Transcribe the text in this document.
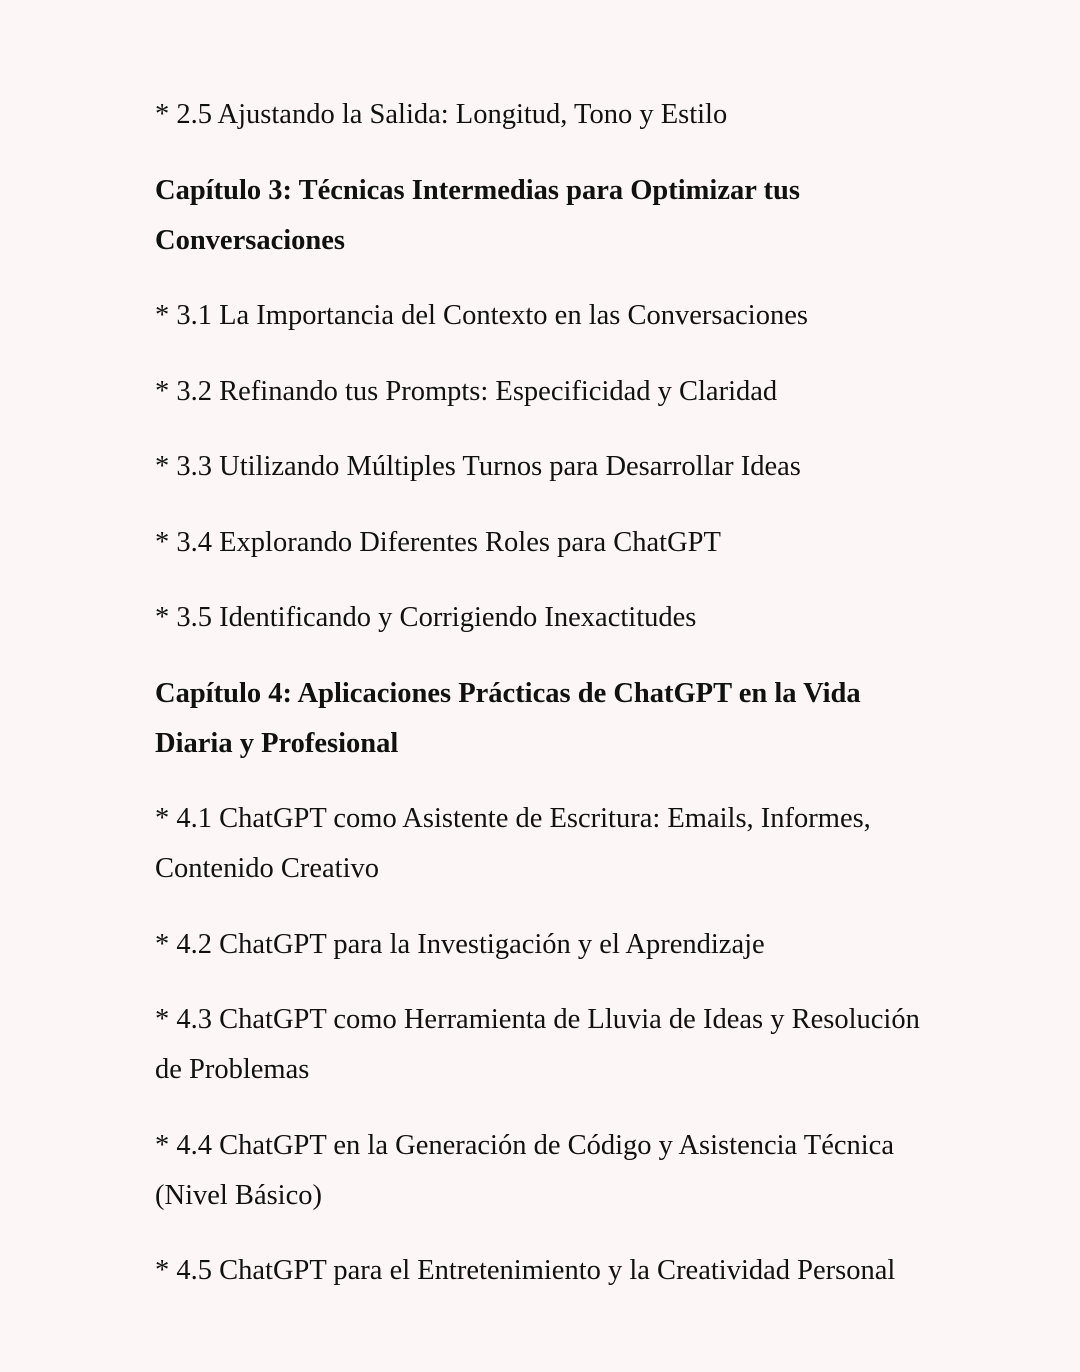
* 2.5 Ajustando la Salida: Longitud, Tono y Estilo

Capítulo 3: Técnicas Intermedias para Optimizar tus Conversaciones

* 3.1 La Importancia del Contexto en las Conversaciones

* 3.2 Refinando tus Prompts: Especificidad y Claridad

* 3.3 Utilizando Múltiples Turnos para Desarrollar Ideas

* 3.4 Explorando Diferentes Roles para ChatGPT

* 3.5 Identificando y Corrigiendo Inexactitudes

Capítulo 4: Aplicaciones Prácticas de ChatGPT en la Vida Diaria y Profesional

* 4.1 ChatGPT como Asistente de Escritura: Emails, Informes, Contenido Creativo

* 4.2 ChatGPT para la Investigación y el Aprendizaje

* 4.3 ChatGPT como Herramienta de Lluvia de Ideas y Resolución de Problemas

* 4.4 ChatGPT en la Generación de Código y Asistencia Técnica (Nivel Básico)

* 4.5 ChatGPT para el Entretenimiento y la Creatividad Personal
